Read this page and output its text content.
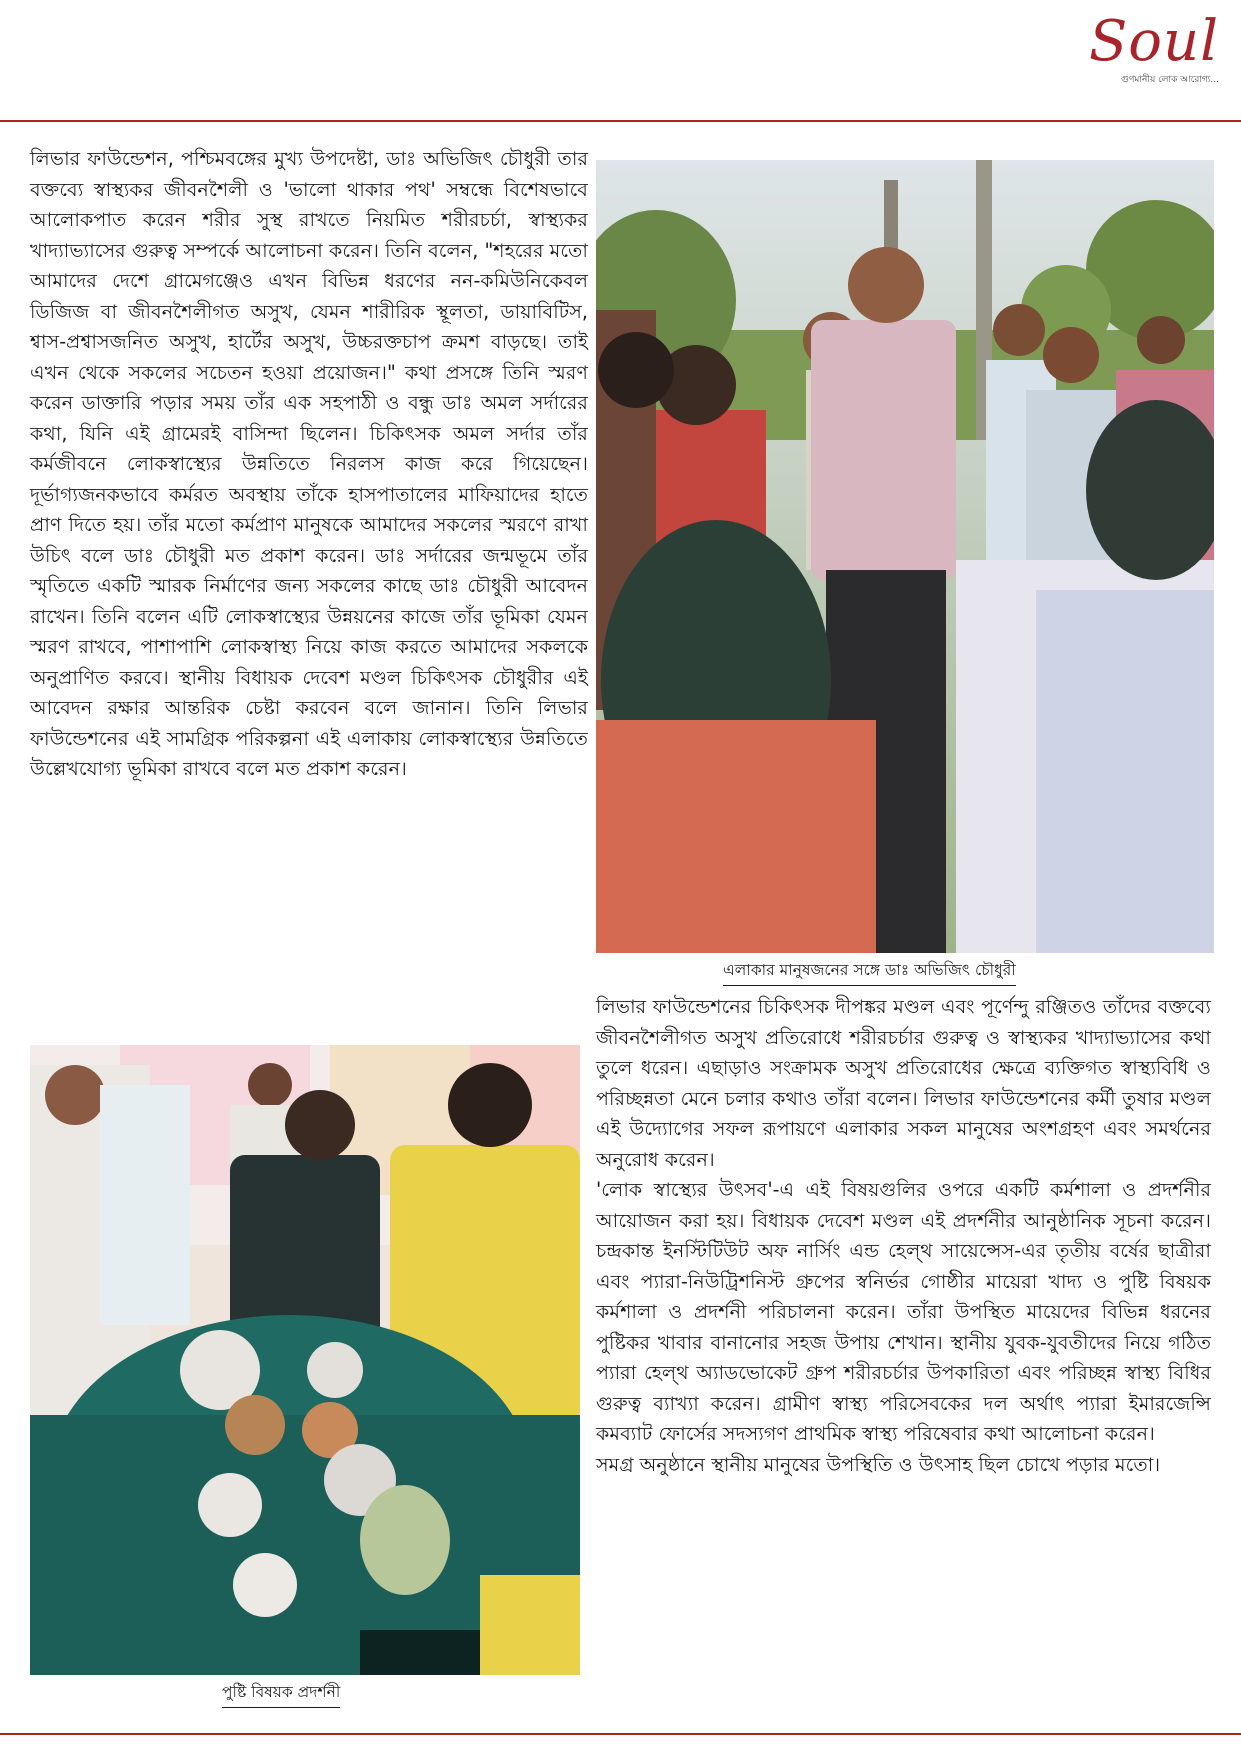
Soul
গুণমানীয় লোক আরোগ্য...

লিভার ফাউন্ডেশন, পশ্চিমবঙ্গের মুখ্য উপদেষ্টা, ডাঃ অভিজিৎ চৌধুরী তার বক্তব্যে স্বাস্থ্যকর জীবনশৈলী ও 'ভালো থাকার পথ' সম্বন্ধে বিশেষভাবে আলোকপাত করেন শরীর সুস্থ রাখতে নিয়মিত শরীরচর্চা, স্বাস্থ্যকর খাদ্যাভ্যাসের গুরুত্ব সম্পর্কে আলোচনা করেন। তিনি বলেন, "শহরের মতো আমাদের দেশে গ্রামেগঞ্জেও এখন বিভিন্ন ধরণের নন-কমিউনিকেবল ডিজিজ বা জীবনশৈলীগত অসুখ, যেমন শারীরিক স্থূলতা, ডায়াবিটিস, শ্বাস-প্রশ্বাসজনিত অসুখ, হার্টের অসুখ, উচ্চরক্তচাপ ক্রমশ বাড়ছে। তাই এখন থেকে সকলের সচেতন হওয়া প্রয়োজন।" কথা প্রসঙ্গে তিনি স্মরণ করেন ডাক্তারি পড়ার সময় তাঁর এক সহপাঠী ও বন্ধু ডাঃ অমল সর্দারের কথা, যিনি এই গ্রামেরই বাসিন্দা ছিলেন। চিকিৎসক অমল সর্দার তাঁর কর্মজীবনে লোকস্বাস্থ্যের উন্নতিতে নিরলস কাজ করে গিয়েছেন। দূর্ভাগ্যজনকভাবে কর্মরত অবস্থায় তাঁকে হাসপাতালের মাফিয়াদের হাতে প্রাণ দিতে হয়। তাঁর মতো কর্মপ্রাণ মানুষকে আমাদের সকলের স্মরণে রাখা উচিৎ বলে ডাঃ চৌধুরী মত প্রকাশ করেন। ডাঃ সর্দারের জন্মভূমে তাঁর স্মৃতিতে একটি স্মারক নির্মাণের জন্য সকলের কাছে ডাঃ চৌধুরী আবেদন রাখেন। তিনি বলেন এটি লোকস্বাস্থ্যের উন্নয়নের কাজে তাঁর ভূমিকা যেমন স্মরণ রাখবে, পাশাপাশি লোকস্বাস্থ্য নিয়ে কাজ করতে আমাদের সকলকে অনুপ্রাণিত করবে। স্থানীয় বিধায়ক দেবেশ মণ্ডল চিকিৎসক চৌধুরীর এই আবেদন রক্ষার আন্তরিক চেষ্টা করবেন বলে জানান। তিনি লিভার ফাউন্ডেশনের এই সামগ্রিক পরিকল্পনা এই এলাকায় লোকস্বাস্থ্যের উন্নতিতে উল্লেখযোগ্য ভূমিকা রাখবে বলে মত প্রকাশ করেন।

এলাকার মানুষজনের সঙ্গে ডাঃ অভিজিৎ চৌধুরী

লিভার ফাউন্ডেশনের চিকিৎসক দীপঙ্কর মণ্ডল এবং পূর্ণেন্দু রঞ্জিতও তাঁদের বক্তব্যে জীবনশৈলীগত অসুখ প্রতিরোধে শরীরচর্চার গুরুত্ব ও স্বাস্থ্যকর খাদ্যাভ্যাসের কথা তুলে ধরেন। এছাড়াও সংক্রামক অসুখ প্রতিরোধের ক্ষেত্রে ব্যক্তিগত স্বাস্থ্যবিধি ও পরিচ্ছন্নতা মেনে চলার কথাও তাঁরা বলেন। লিভার ফাউন্ডেশনের কর্মী তুষার মণ্ডল এই উদ্যোগের সফল রূপায়ণে এলাকার সকল মানুষের অংশগ্রহণ এবং সমর্থনের অনুরোধ করেন।

'লোক স্বাস্থ্যের উৎসব'-এ এই বিষয়গুলির ওপরে একটি কর্মশালা ও প্রদর্শনীর আয়োজন করা হয়। বিধায়ক দেবেশ মণ্ডল এই প্রদর্শনীর আনুষ্ঠানিক সূচনা করেন। চন্দ্রকান্ত ইনস্টিটিউট অফ নার্সিং এন্ড হেল্থ সায়েন্সেস-এর তৃতীয় বর্ষের ছাত্রীরা এবং প্যারা-নিউট্রিশনিস্ট গ্রুপের স্বনির্ভর গোষ্ঠীর মায়েরা খাদ্য ও পুষ্টি বিষয়ক কর্মশালা ও প্রদর্শনী পরিচালনা করেন। তাঁরা উপস্থিত মায়েদের বিভিন্ন ধরনের পুষ্টিকর খাবার বানানোর সহজ উপায় শেখান। স্থানীয় যুবক-যুবতীদের নিয়ে গঠিত প্যারা হেল্থ অ্যাডভোকেট গ্রুপ শরীরচর্চার উপকারিতা এবং পরিচ্ছন্ন স্বাস্থ্য বিধির গুরুত্ব ব্যাখ্যা করেন। গ্রামীণ স্বাস্থ্য পরিসেবকের দল অর্থাৎ প্যারা ইমারজেন্সি কমব্যাট ফোর্সের সদস্যগণ প্রাথমিক স্বাস্থ্য পরিষেবার কথা আলোচনা করেন।

সমগ্র অনুষ্ঠানে স্থানীয় মানুষের উপস্থিতি ও উৎসাহ ছিল চোখে পড়ার মতো।

পুষ্টি বিষয়ক প্রদর্শনী
